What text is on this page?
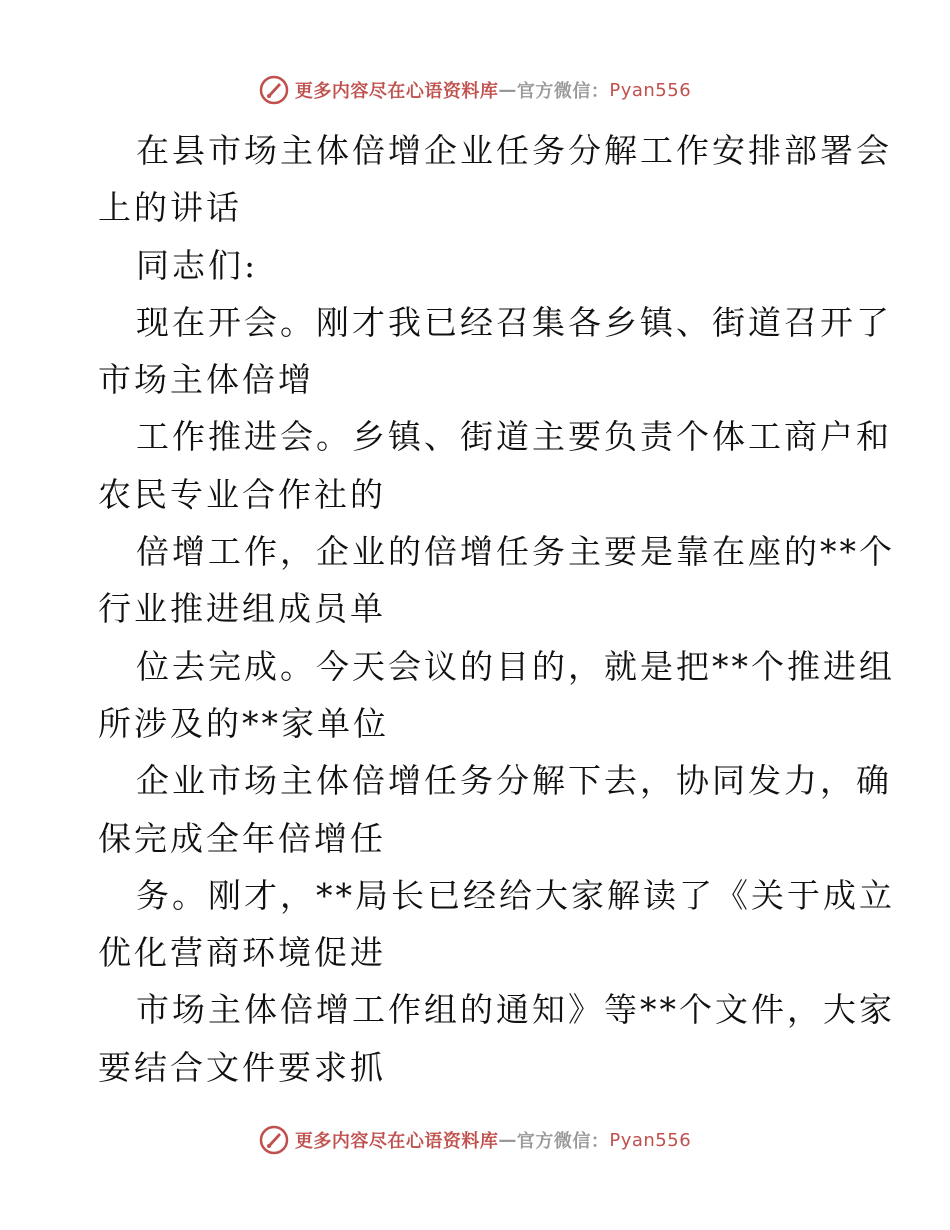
更多内容尽在心语资料库 — 官方微信： Pyan556
在县市场主体倍增企业任务分解工作安排部署会
上的讲话
同志们:
现在开会。刚才我已经召集各乡镇、街道召开了
市场主体倍增
工作推进会。乡镇、街道主要负责个体工商户和
农民专业合作社的
倍增工作，企业的倍增任务主要是靠在座的**个
行业推进组成员单
位去完成。今天会议的目的，就是把**个推进组
所涉及的**家单位
企业市场主体倍增任务分解下去，协同发力，确
保完成全年倍增任
务。刚才，**局长已经给大家解读了《关于成立
优化营商环境促进
市场主体倍增工作组的通知》等**个文件，大家
要结合文件要求抓
更多内容尽在心语资料库 — 官方微信： Pyan556
